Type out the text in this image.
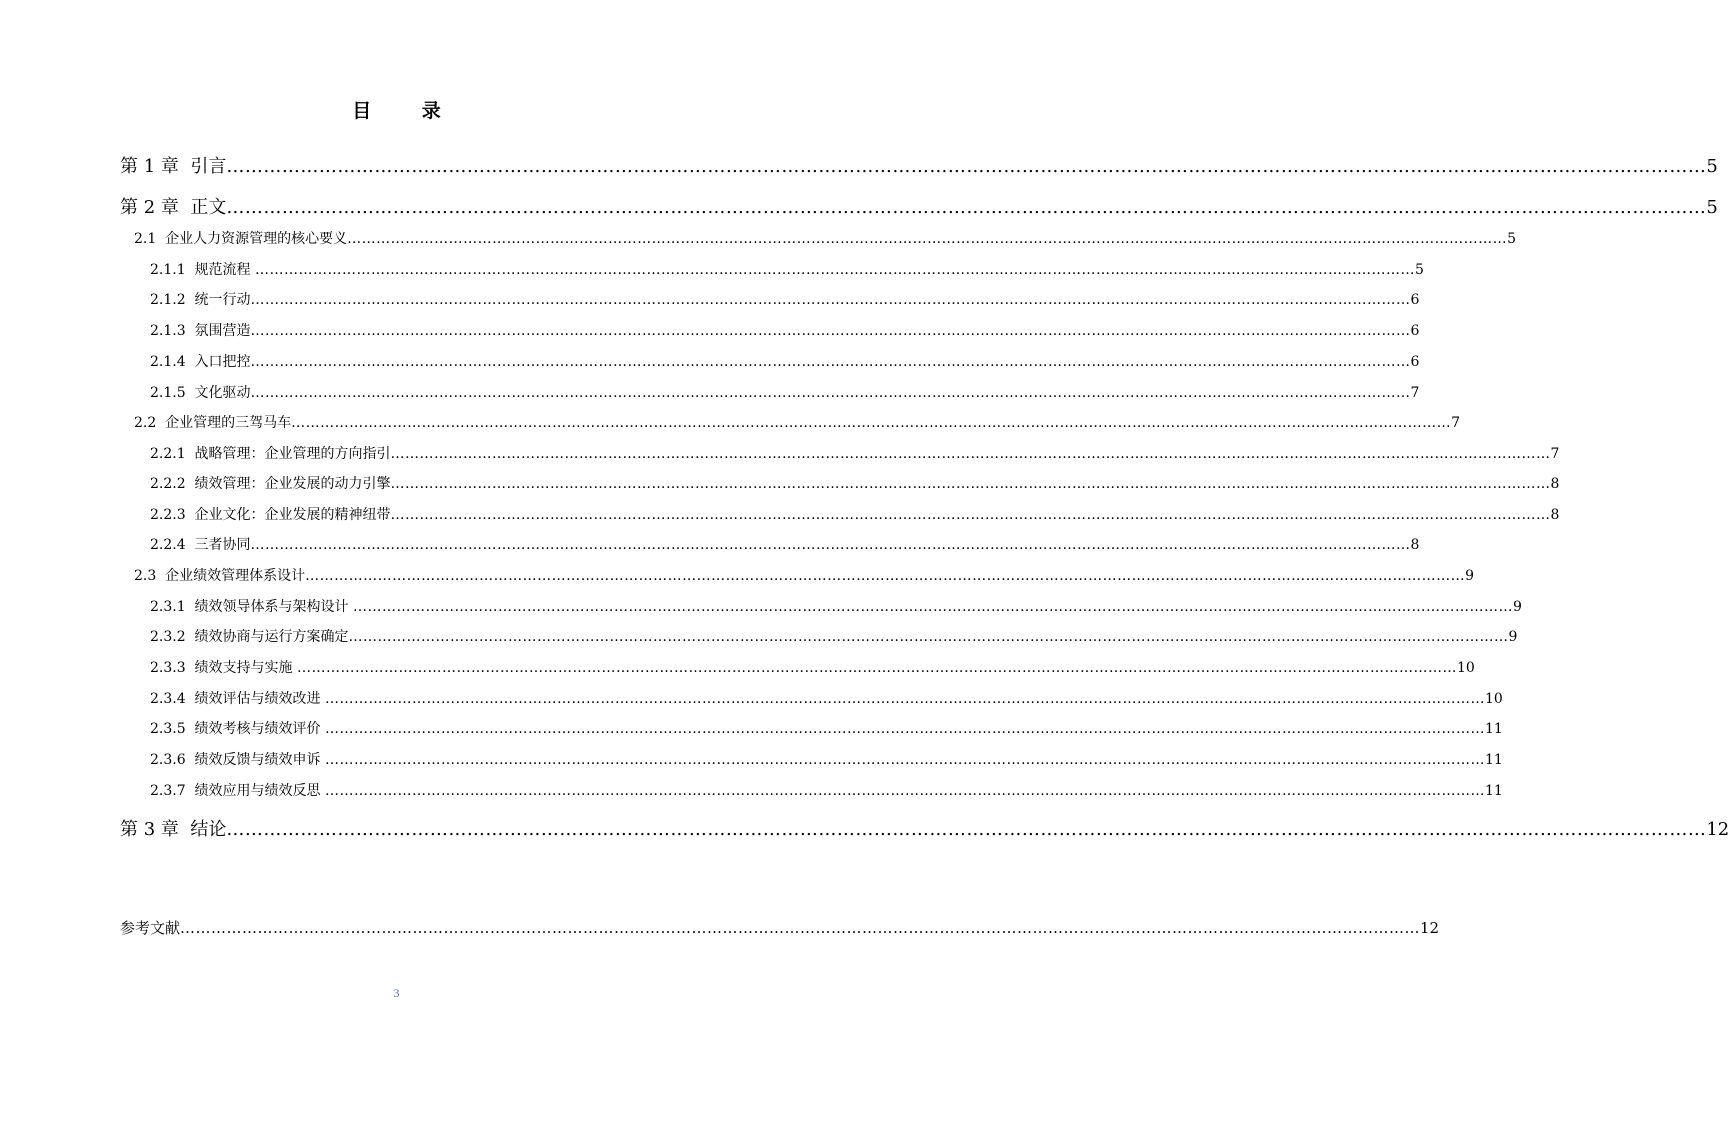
目 录
第 1 章  引言 …………………………………………………………………………………………………………………………………………………………………………………………………………………… 5
第 2 章  正文 …………………………………………………………………………………………………………………………………………………………………………………………………………………… 5
2.1  企业人力资源管理的核心要义 …………………………………………………………………………………………………………………………………………………………………………………………………………………… 5
2.1.1  规范流程 …………………………………………………………………………………………………………………………………………………………………………………………………………………… 5
2.1.2  统一行动 …………………………………………………………………………………………………………………………………………………………………………………………………………………… 6
2.1.3  氛围营造 …………………………………………………………………………………………………………………………………………………………………………………………………………………… 6
2.1.4  入口把控 …………………………………………………………………………………………………………………………………………………………………………………………………………………… 6
2.1.5  文化驱动 …………………………………………………………………………………………………………………………………………………………………………………………………………………… 7
2.2  企业管理的三驾马车 …………………………………………………………………………………………………………………………………………………………………………………………………………………… 7
2.2.1  战略管理：企业管理的方向指引 …………………………………………………………………………………………………………………………………………………………………………………………………………………… 7
2.2.2  绩效管理：企业发展的动力引擎 …………………………………………………………………………………………………………………………………………………………………………………………………………………… 8
2.2.3  企业文化：企业发展的精神纽带 …………………………………………………………………………………………………………………………………………………………………………………………………………………… 8
2.2.4  三者协同 …………………………………………………………………………………………………………………………………………………………………………………………………………………… 8
2.3  企业绩效管理体系设计 …………………………………………………………………………………………………………………………………………………………………………………………………………………… 9
2.3.1  绩效领导体系与架构设计 …………………………………………………………………………………………………………………………………………………………………………………………………………………… 9
2.3.2  绩效协商与运行方案确定 …………………………………………………………………………………………………………………………………………………………………………………………………………………… 9
2.3.3  绩效支持与实施 …………………………………………………………………………………………………………………………………………………………………………………………………………………… 10
2.3.4  绩效评估与绩效改进 …………………………………………………………………………………………………………………………………………………………………………………………………………………… 10
2.3.5  绩效考核与绩效评价 …………………………………………………………………………………………………………………………………………………………………………………………………………………… 11
2.3.6  绩效反馈与绩效申诉 …………………………………………………………………………………………………………………………………………………………………………………………………………………… 11
2.3.7  绩效应用与绩效反思 …………………………………………………………………………………………………………………………………………………………………………………………………………………… 11
第 3 章  结论 …………………………………………………………………………………………………………………………………………………………………………………………………………………… 12
参考文献 …………………………………………………………………………………………………………………………………………………………………………………………………………………… 12
3
